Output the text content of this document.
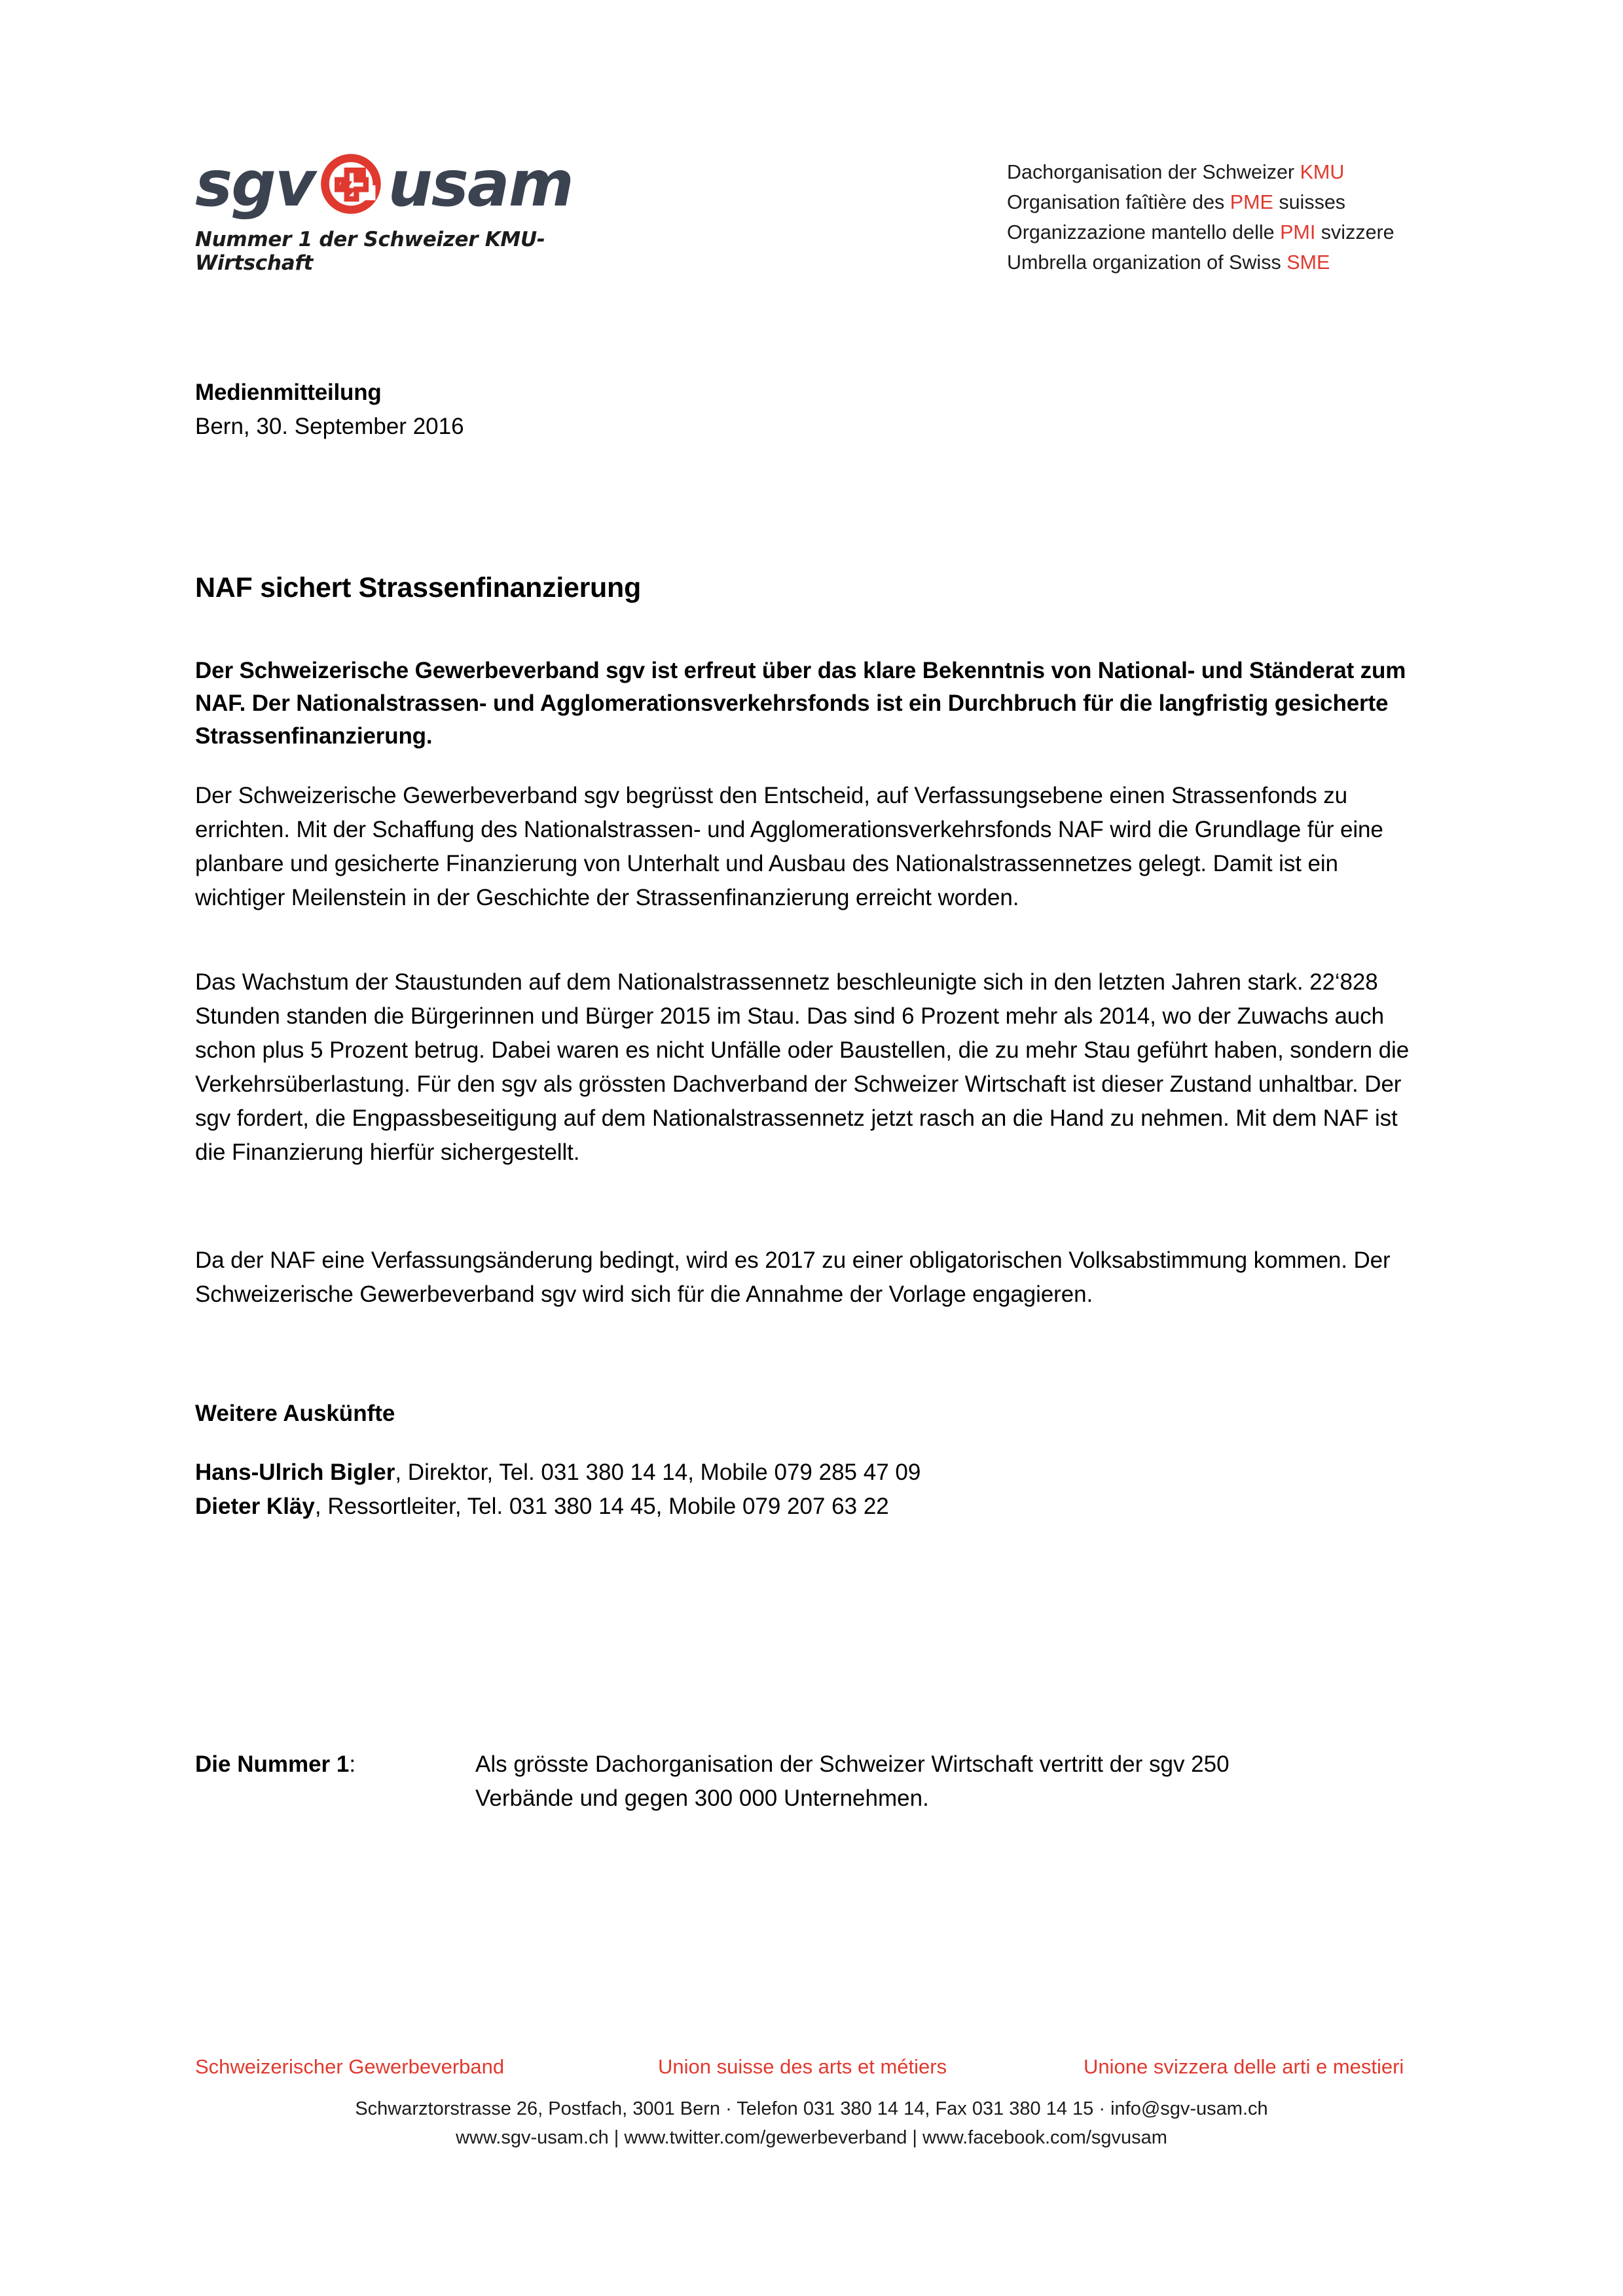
sgv usam
Nummer 1 der Schweizer KMU-Wirtschaft
Dachorganisation der Schweizer KMU
Organisation faîtière des PME suisses
Organizzazione mantello delle PMI svizzere
Umbrella organization of Swiss SME
Medienmitteilung
Bern, 30. September 2016
NAF sichert Strassenfinanzierung

Der Schweizerische Gewerbeverband sgv ist erfreut über das klare Bekenntnis von National- und Ständerat zum NAF. Der Nationalstrassen- und Agglomerationsverkehrsfonds ist ein Durchbruch für die langfristig gesicherte Strassenfinanzierung.

Der Schweizerische Gewerbeverband sgv begrüsst den Entscheid, auf Verfassungsebene einen Strassenfonds zu errichten. Mit der Schaffung des Nationalstrassen- und Agglomerationsverkehrsfonds NAF wird die Grundlage für eine planbare und gesicherte Finanzierung von Unterhalt und Ausbau des Nationalstrassennetzes gelegt. Damit ist ein wichtiger Meilenstein in der Geschichte der Strassenfinanzierung erreicht worden.

Das Wachstum der Staustunden auf dem Nationalstrassennetz beschleunigte sich in den letzten Jahren stark. 22‘828 Stunden standen die Bürgerinnen und Bürger 2015 im Stau. Das sind 6 Prozent mehr als 2014, wo der Zuwachs auch schon plus 5 Prozent betrug. Dabei waren es nicht Unfälle oder Baustellen, die zu mehr Stau geführt haben, sondern die Verkehrsüberlastung. Für den sgv als grössten Dachverband der Schweizer Wirtschaft ist dieser Zustand unhaltbar. Der sgv fordert, die Engpassbeseitigung auf dem Nationalstrassennetz jetzt rasch an die Hand zu nehmen. Mit dem NAF ist die Finanzierung hierfür sichergestellt.

Da der NAF eine Verfassungsänderung bedingt, wird es 2017 zu einer obligatorischen Volksabstimmung kommen. Der Schweizerische Gewerbeverband sgv wird sich für die Annahme der Vorlage engagieren.

Weitere Auskünfte
Hans-Ulrich Bigler, Direktor, Tel. 031 380 14 14, Mobile 079 285 47 09
Dieter Kläy, Ressortleiter, Tel. 031 380 14 45, Mobile 079 207 63 22
Die Nummer 1:	Als grösste Dachorganisation der Schweizer Wirtschaft vertritt der sgv 250 Verbände und gegen 300 000 Unternehmen.
Schweizerischer Gewerbeverband	Union suisse des arts et métiers	Unione svizzera delle arti e mestieri
Schwarztorstrasse 26, Postfach, 3001 Bern · Telefon 031 380 14 14, Fax 031 380 14 15 · info@sgv-usam.ch
www.sgv-usam.ch | www.twitter.com/gewerbeverband | www.facebook.com/sgvusam
